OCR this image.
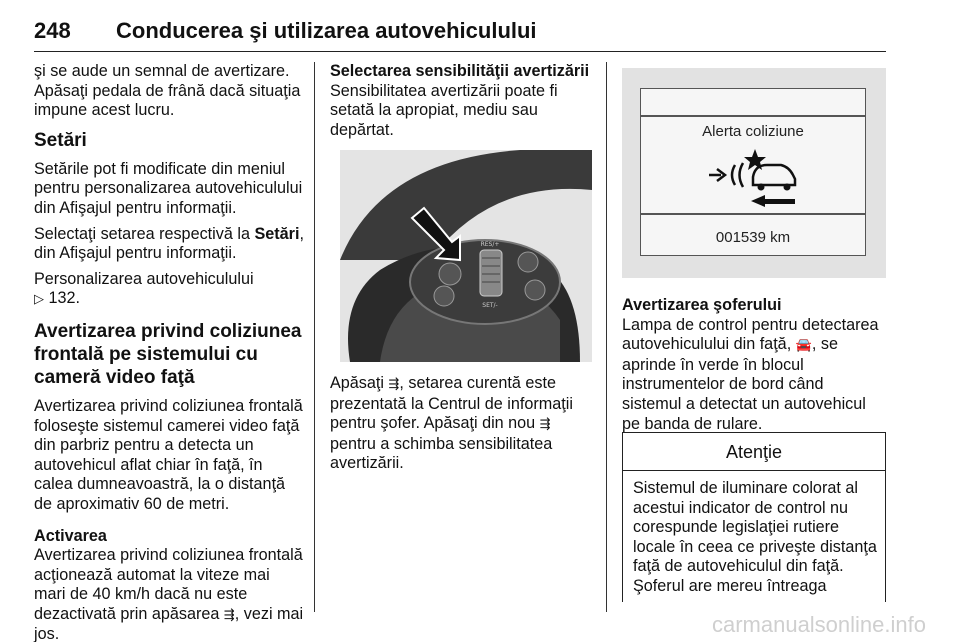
248 Conducerea şi utilizarea autovehiculului

şi se aude un semnal de avertizare. Apăsaţi pedala de frână dacă situaţia impune acest lucru.

Setări

Setările pot fi modificate din meniul pentru personalizarea autovehiculului din Afişajul pentru informaţii.

Selectaţi setarea respectivă la Setări, din Afişajul pentru informaţii.

Personalizarea autovehiculului
▷ 132.

Avertizarea privind coliziunea frontală pe sistemului cu cameră video faţă

Avertizarea privind coliziunea frontală foloseşte sistemul camerei video faţă din parbriz pentru a detecta un autovehicul aflat chiar în faţă, în calea dumneavoastră, la o distanţă de aproximativ 60 de metri.

Activarea

Avertizarea privind coliziunea frontală acţionează automat la viteze mai mari de 40 km/h dacă nu este dezactivată prin apăsarea ⇶, vezi mai jos.

Selectarea sensibilităţii avertizării

Sensibilitatea avertizării poate fi setată la apropiat, mediu sau depărtat.

RES/+
SET/-

Apăsaţi ⇶, setarea curentă este prezentată la Centrul de informaţii pentru şofer. Apăsaţi din nou ⇶ pentru a schimba sensibilitatea avertizării.

Alerta coliziune
001539 km

Avertizarea şoferului

Lampa de control pentru detectarea autovehiculului din faţă, 🚘, se aprinde în verde în blocul instrumentelor de bord când sistemul a detectat un autovehicul pe banda de rulare.

Atenţie
Sistemul de iluminare colorat al acestui indicator de control nu corespunde legislaţiei rutiere locale în ceea ce priveşte distanţa faţă de autovehiculul din faţă. Şoferul are mereu întreaga
carmanualsonline.info
